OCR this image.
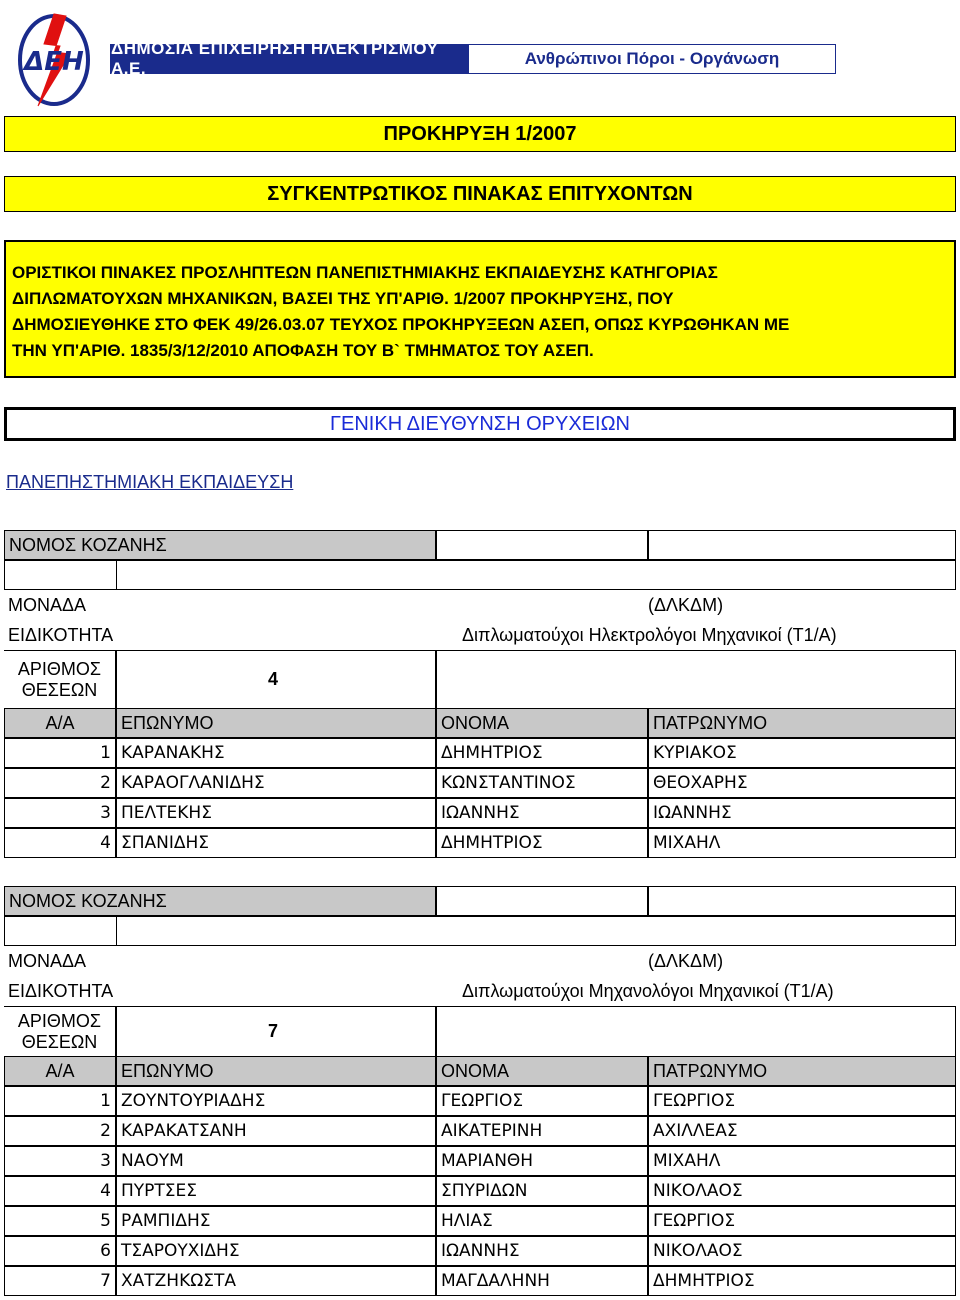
ΔΕΗ ΔΗΜΟΣΙΑ ΕΠΙΧΕΙΡΗΣΗ ΗΛΕΚΤΡΙΣΜΟΥ Α.Ε.
Ανθρώπινοι Πόροι - Οργάνωση
ΠΡΟΚΗΡΥΞΗ 1/2007
ΣΥΓΚΕΝΤΡΩΤΙΚΟΣ ΠΙΝΑΚΑΣ ΕΠΙΤΥΧΟΝΤΩΝ
ΟΡΙΣΤΙΚΟΙ ΠΙΝΑΚΕΣ ΠΡΟΣΛΗΠΤΕΩΝ ΠΑΝΕΠΙΣΤΗΜΙΑΚΗΣ ΕΚΠΑΙΔΕΥΣΗΣ ΚΑΤΗΓΟΡΙΑΣ
ΔΙΠΛΩΜΑΤΟΥΧΩΝ ΜΗΧΑΝΙΚΩΝ, ΒΑΣΕΙ ΤΗΣ ΥΠ'ΑΡΙΘ. 1/2007 ΠΡΟΚΗΡΥΞΗΣ, ΠΟΥ
ΔΗΜΟΣΙΕΥΘΗΚΕ ΣΤΟ ΦΕΚ 49/26.03.07 ΤΕΥΧΟΣ ΠΡΟΚΗΡΥΞΕΩΝ ΑΣΕΠ, ΟΠΩΣ ΚΥΡΩΘΗΚΑΝ ΜΕ
ΤΗΝ ΥΠ'ΑΡΙΘ. 1835/3/12/2010 ΑΠΟΦΑΣΗ ΤΟΥ Β` ΤΜΗΜΑΤΟΣ ΤΟΥ ΑΣΕΠ.
ΓΕΝΙΚΗ ΔΙΕΥΘΥΝΣΗ ΟΡΥΧΕΙΩΝ
ΠΑΝΕΠΗΣΤΗΜΙΑΚΗ ΕΚΠΑΙΔΕΥΣΗ
ΝΟΜΟΣ ΚΟΖΑΝΗΣ
ΜΟΝΑΔΑ	(ΔΛΚΔΜ)
ΕΙΔΙΚΟΤΗΤΑ	Διπλωματούχοι Ηλεκτρολόγοι Μηχανικοί (Τ1/Α)
ΑΡΙΘΜΟΣ
ΘΕΣΕΩΝ
4
Α/Α	ΕΠΩΝΥΜΟ	ΟΝΟΜΑ	ΠΑΤΡΩΝΥΜΟ
1 ΚΑΡΑΝΑΚΗΣ	ΔΗΜΗΤΡΙΟΣ	ΚΥΡΙΑΚΟΣ
2 ΚΑΡΑΟΓΛΑΝΙΔΗΣ	ΚΩΝΣΤΑΝΤΙΝΟΣ	ΘΕΟΧΑΡΗΣ
3 ΠΕΛΤΕΚΗΣ	ΙΩΑΝΝΗΣ	ΙΩΑΝΝΗΣ
4 ΣΠΑΝΙΔΗΣ	ΔΗΜΗΤΡΙΟΣ	ΜΙΧΑΗΛ
ΝΟΜΟΣ ΚΟΖΑΝΗΣ
ΜΟΝΑΔΑ	(ΔΛΚΔΜ)
ΕΙΔΙΚΟΤΗΤΑ	Διπλωματούχοι Μηχανολόγοι Μηχανικοί (Τ1/Α)
ΑΡΙΘΜΟΣ
ΘΕΣΕΩΝ
7
Α/Α	ΕΠΩΝΥΜΟ	ΟΝΟΜΑ	ΠΑΤΡΩΝΥΜΟ
1 ΖΟΥΝΤΟΥΡΙΑΔΗΣ	ΓΕΩΡΓΙΟΣ	ΓΕΩΡΓΙΟΣ
2 ΚΑΡΑΚΑΤΣΑΝΗ	ΑΙΚΑΤΕΡΙΝΗ	ΑΧΙΛΛΕΑΣ
3 ΝΑΟΥΜ	ΜΑΡΙΑΝΘΗ	ΜΙΧΑΗΛ
4 ΠΥΡΤΣΕΣ	ΣΠΥΡΙΔΩΝ	ΝΙΚΟΛΑΟΣ
5 ΡΑΜΠΙΔΗΣ	ΗΛΙΑΣ	ΓΕΩΡΓΙΟΣ
6 ΤΣΑΡΟΥΧΙΔΗΣ	ΙΩΑΝΝΗΣ	ΝΙΚΟΛΑΟΣ
7 ΧΑΤΖΗΚΩΣΤΑ	ΜΑΓΔΑΛΗΝΗ	ΔΗΜΗΤΡΙΟΣ
